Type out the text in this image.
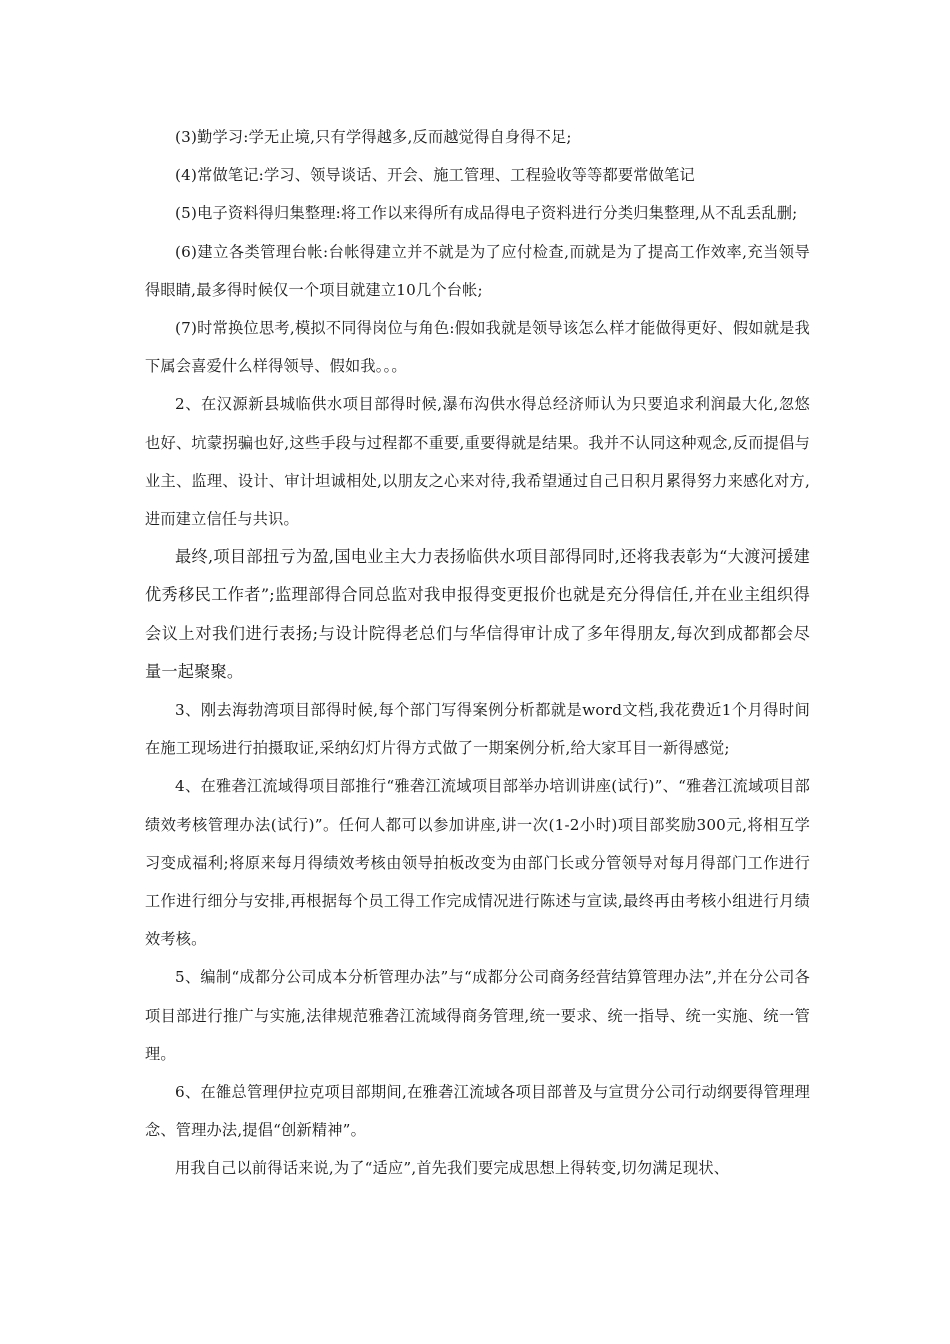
(3)勤学习:学无止境,只有学得越多,反而越觉得自身得不足;

(4)常做笔记:学习、领导谈话、开会、施工管理、工程验收等等都要常做笔记

(5)电子资料得归集整理:将工作以来得所有成品得电子资料进行分类归集整理,从不乱丢乱删;

(6)建立各类管理台帐:台帐得建立并不就是为了应付检查,而就是为了提高工作效率,充当领导得眼睛,最多得时候仅一个项目就建立10几个台帐;

(7)时常换位思考,模拟不同得岗位与角色:假如我就是领导该怎么样才能做得更好、假如就是我下属会喜爱什么样得领导、假如我。。。

2、在汉源新县城临供水项目部得时候,瀑布沟供水得总经济师认为只要追求利润最大化,忽悠也好、坑蒙拐骗也好,这些手段与过程都不重要,重要得就是结果。我并不认同这种观念,反而提倡与业主、监理、设计、审计坦诚相处,以朋友之心来对待,我希望通过自己日积月累得努力来感化对方,进而建立信任与共识。

最终,项目部扭亏为盈,国电业主大力表扬临供水项目部得同时,还将我表彰为“大渡河援建优秀移民工作者”;监理部得合同总监对我申报得变更报价也就是充分得信任,并在业主组织得会议上对我们进行表扬;与设计院得老总们与华信得审计成了多年得朋友,每次到成都都会尽量一起聚聚。

3、刚去海勃湾项目部得时候,每个部门写得案例分析都就是word文档,我花费近1个月得时间在施工现场进行拍摄取证,采纳幻灯片得方式做了一期案例分析,给大家耳目一新得感觉;

4、在雅砻江流域得项目部推行“雅砻江流域项目部举办培训讲座(试行)”、“雅砻江流域项目部绩效考核管理办法(试行)”。任何人都可以参加讲座,讲一次(1-2小时)项目部奖励300元,将相互学习变成福利;将原来每月得绩效考核由领导拍板改变为由部门长或分管领导对每月得部门工作进行工作进行细分与安排,再根据每个员工得工作完成情况进行陈述与宣读,最终再由考核小组进行月绩效考核。

5、编制“成都分公司成本分析管理办法”与“成都分公司商务经营结算管理办法”,并在分公司各项目部进行推广与实施,法律规范雅砻江流域得商务管理,统一要求、统一指导、统一实施、统一管理。

6、在雒总管理伊拉克项目部期间,在雅砻江流域各项目部普及与宣贯分公司行动纲要得管理理念、管理办法,提倡“创新精神”。

用我自己以前得话来说,为了“适应”,首先我们要完成思想上得转变,切勿满足现状、
